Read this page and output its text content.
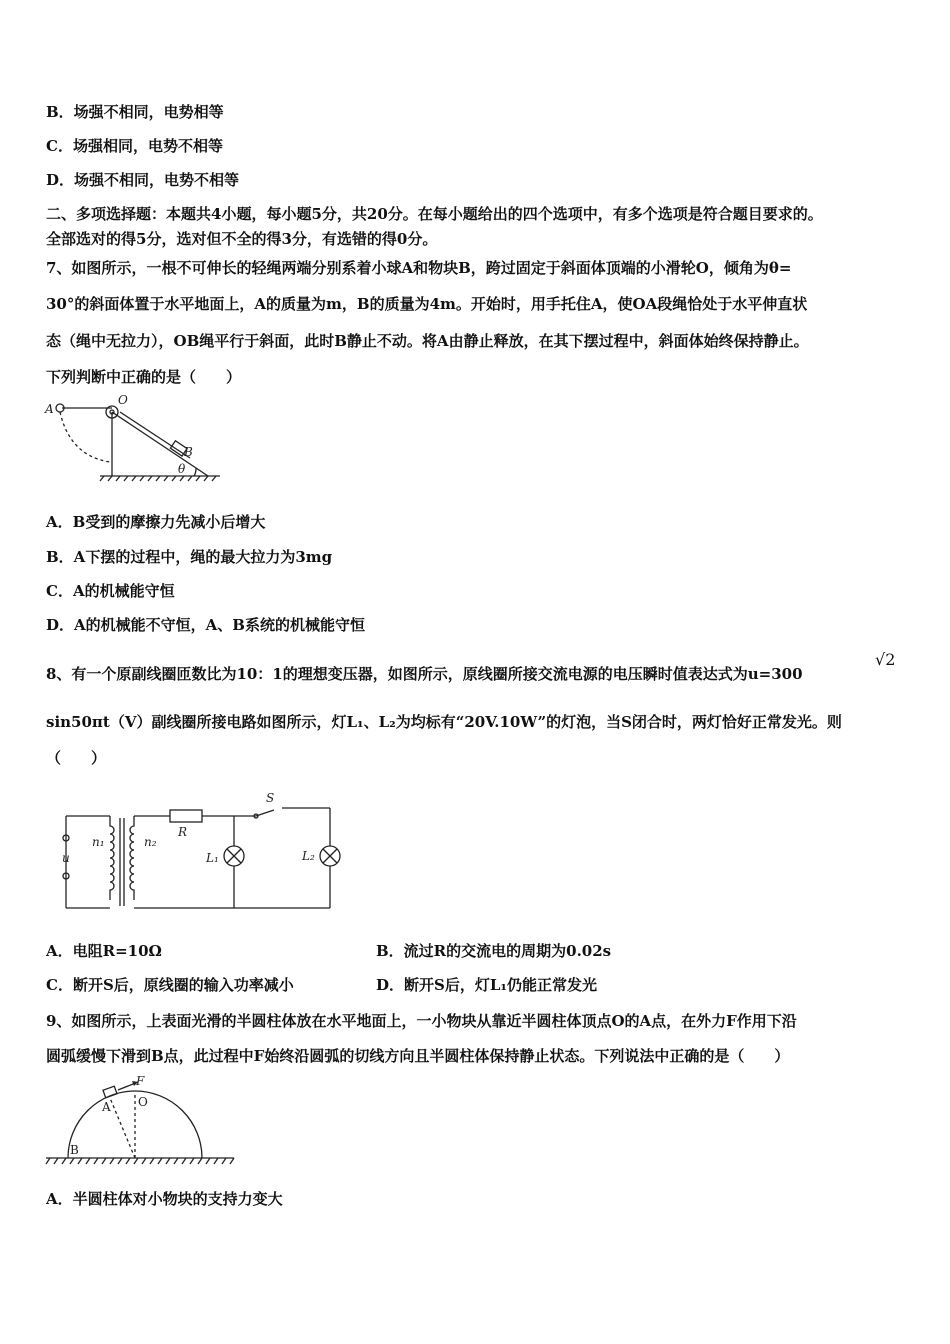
B．场强不相同，电势相等
C．场强相同，电势不相等
D．场强不相同，电势不相等
二、多项选择题：本题共4小题，每小题5分，共20分。在每小题给出的四个选项中，有多个选项是符合题目要求的。
全部选对的得5分，选对但不全的得3分，有选错的得0分。
7、如图所示，一根不可伸长的轻绳两端分别系着小球A和物块B，跨过固定于斜面体顶端的小滑轮O，倾角为θ=
30°的斜面体置于水平地面上，A的质量为m，B的质量为4m。开始时，用手托住A，使OA段绳恰处于水平伸直状
态（绳中无拉力），OB绳平行于斜面，此时B静止不动。将A由静止释放，在其下摆过程中，斜面体始终保持静止。
下列判断中正确的是（　　）
A
O
B
θ
A．B受到的摩擦力先减小后增大
B．A下摆的过程中，绳的最大拉力为3mg
C．A的机械能守恒
D．A的机械能不守恒，A、B系统的机械能守恒
8、有一个原副线圈匝数比为10：1的理想变压器，如图所示，原线圈所接交流电源的电压瞬时值表达式为u=300
√2
sin50πt（V）副线圈所接电路如图所示，灯L₁、L₂为均标有“20V.10W”的灯泡，当S闭合时，两灯恰好正常发光。则
（　　）
u
n₁	n₂
R
S
L₁	L₂
A．电阻R=10Ω	B．流过R的交流电的周期为0.02s
C．断开S后，原线圈的输入功率减小	D．断开S后，灯L₁仍能正常发光
9、如图所示，上表面光滑的半圆柱体放在水平地面上，一小物块从靠近半圆柱体顶点O的A点，在外力F作用下沿
圆弧缓慢下滑到B点，此过程中F始终沿圆弧的切线方向且半圆柱体保持静止状态。下列说法中正确的是（　　）
F
A O
B
A．半圆柱体对小物块的支持力变大
